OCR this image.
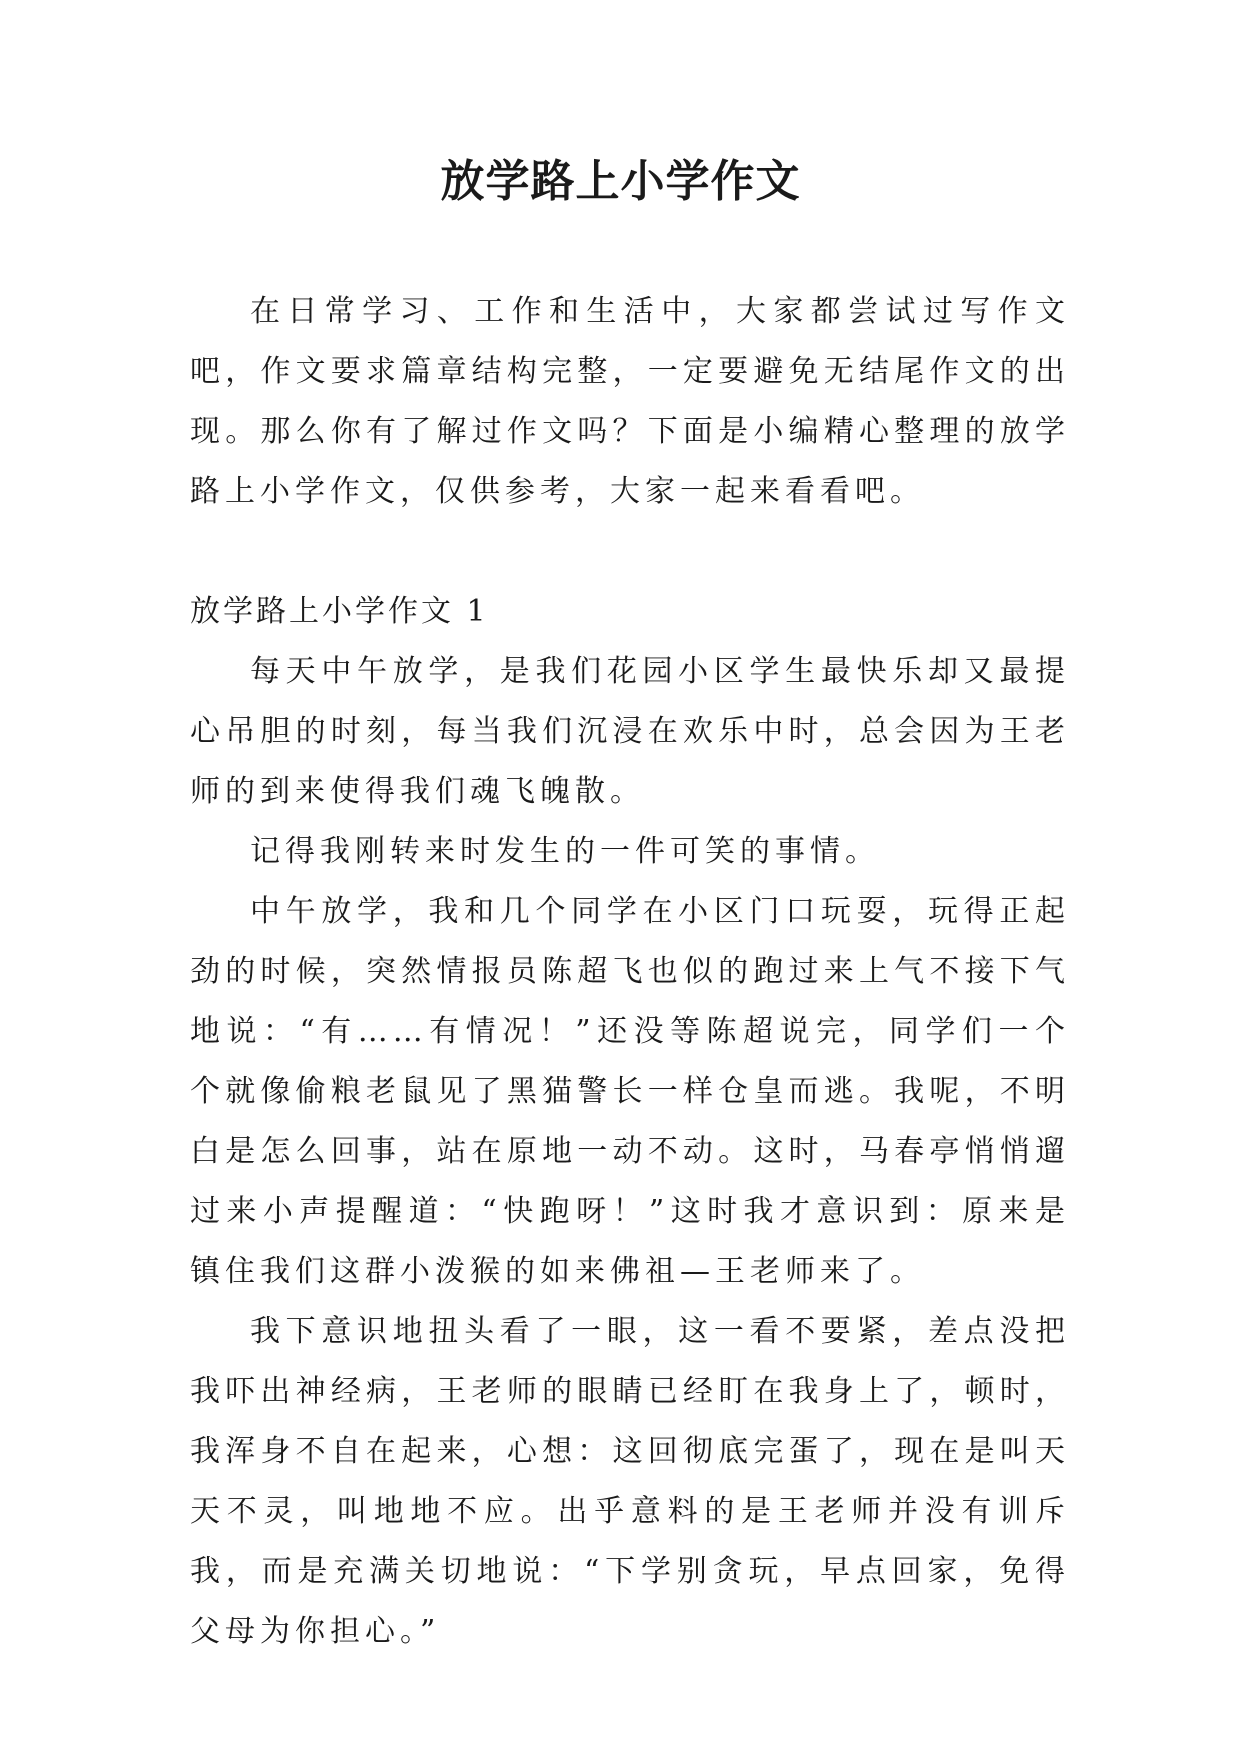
放学路上小学作文

在日常学习、工作和生活中，大家都尝试过写作文吧，作文要求篇章结构完整，一定要避免无结尾作文的出现。那么你有了解过作文吗？下面是小编精心整理的放学路上小学作文，仅供参考，大家一起来看看吧。

放学路上小学作文 1

每天中午放学，是我们花园小区学生最快乐却又最提心吊胆的时刻，每当我们沉浸在欢乐中时，总会因为王老师的到来使得我们魂飞魄散。

记得我刚转来时发生的一件可笑的事情。

中午放学，我和几个同学在小区门口玩耍，玩得正起劲的时候，突然情报员陈超飞也似的跑过来上气不接下气地说：“有……有情况！”还没等陈超说完，同学们一个个就像偷粮老鼠见了黑猫警长一样仓皇而逃。我呢，不明白是怎么回事，站在原地一动不动。这时，马春亭悄悄遛过来小声提醒道：“快跑呀！”这时我才意识到：原来是镇住我们这群小泼猴的如来佛祖—王老师来了。

我下意识地扭头看了一眼，这一看不要紧，差点没把我吓出神经病，王老师的眼睛已经盯在我身上了，顿时，我浑身不自在起来，心想：这回彻底完蛋了，现在是叫天天不灵，叫地地不应。出乎意料的是王老师并没有训斥我，而是充满关切地说：“下学别贪玩，早点回家，免得父母为你担心。”
